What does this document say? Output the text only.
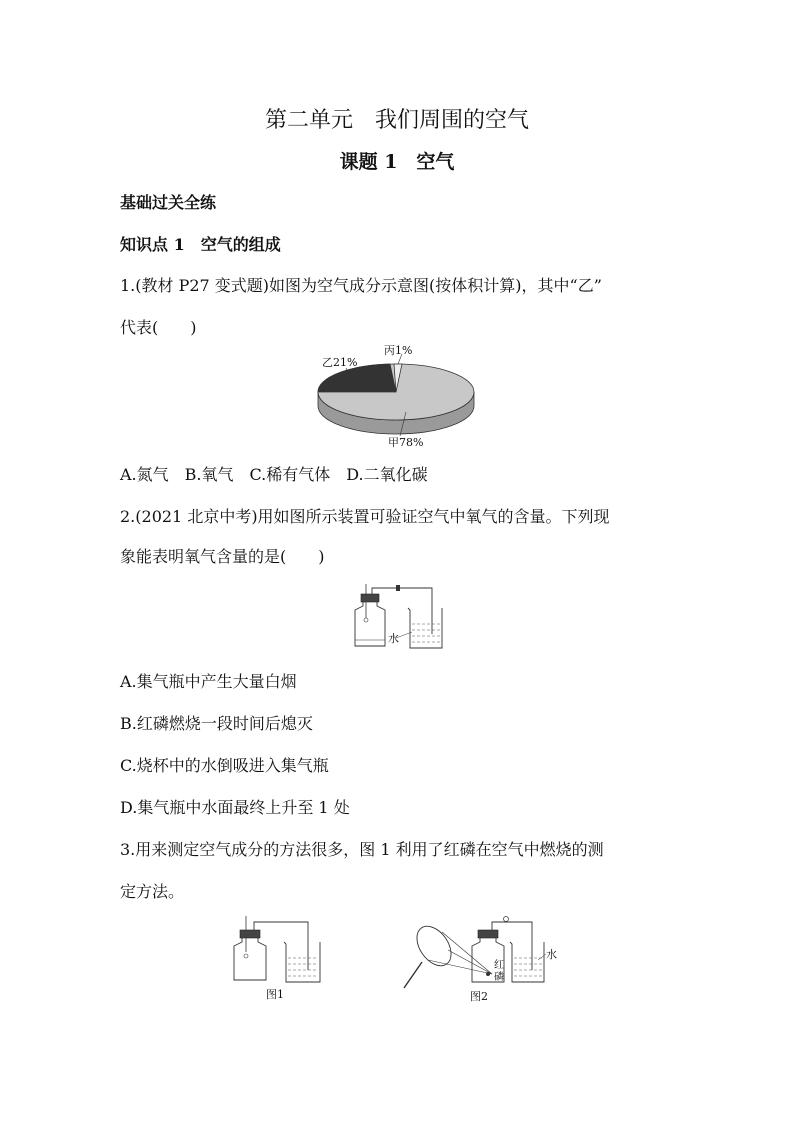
第二单元　我们周围的空气
课题 1　空气
基础过关全练
知识点 1　空气的组成
1.(教材 P27 变式题)如图为空气成分示意图(按体积计算)，其中“乙”
代表(　　)
乙21%
丙1%
甲78%
A.氮气　B.氧气　C.稀有气体　D.二氧化碳
2.(2021 北京中考)用如图所示装置可验证空气中氧气的含量。下列现
象能表明氧气含量的是(　　)
水
A.集气瓶中产生大量白烟
B.红磷燃烧一段时间后熄灭
C.烧杯中的水倒吸进入集气瓶
D.集气瓶中水面最终上升至 1 处
3.用来测定空气成分的方法很多，图 1 利用了红磷在空气中燃烧的测
定方法。
图1
水
红
磷
图2
